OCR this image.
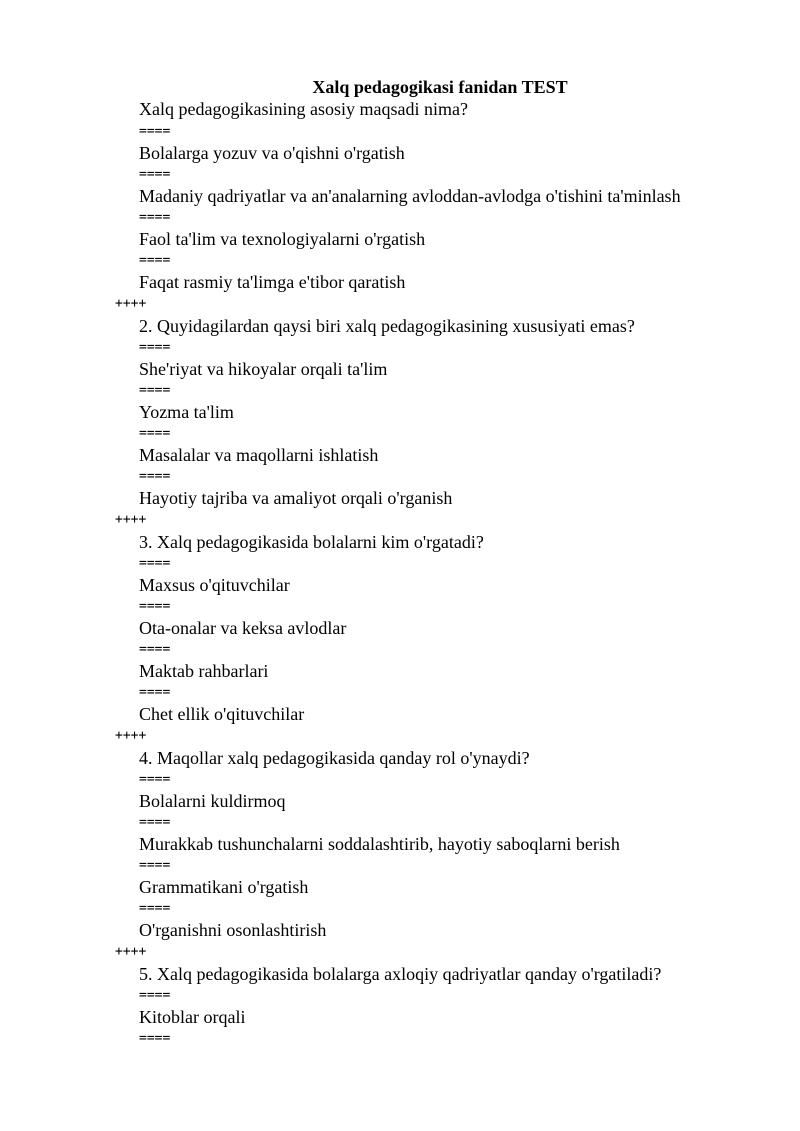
Xalq pedagogikasi fanidan TEST
Xalq pedagogikasining asosiy maqsadi nima?
====
Bolalarga yozuv va o'qishni o'rgatish
====
Madaniy qadriyatlar va an'analarning avloddan-avlodga o'tishini ta'minlash
====
Faol ta'lim va texnologiyalarni o'rgatish
====
Faqat rasmiy ta'limga e'tibor qaratish
++++
2. Quyidagilardan qaysi biri xalq pedagogikasining xususiyati emas?
====
She'riyat va hikoyalar orqali ta'lim
====
Yozma ta'lim
====
Masalalar va maqollarni ishlatish
====
Hayotiy tajriba va amaliyot orqali o'rganish
++++
3. Xalq pedagogikasida bolalarni kim o'rgatadi?
====
Maxsus o'qituvchilar
====
Ota-onalar va keksa avlodlar
====
Maktab rahbarlari
====
Chet ellik o'qituvchilar
++++
4. Maqollar xalq pedagogikasida qanday rol o'ynaydi?
====
Bolalarni kuldirmoq
====
Murakkab tushunchalarni soddalashtirib, hayotiy saboqlarni berish
====
Grammatikani o'rgatish
====
O'rganishni osonlashtirish
++++
5. Xalq pedagogikasida bolalarga axloqiy qadriyatlar qanday o'rgatiladi?
====
Kitoblar orqali
====
